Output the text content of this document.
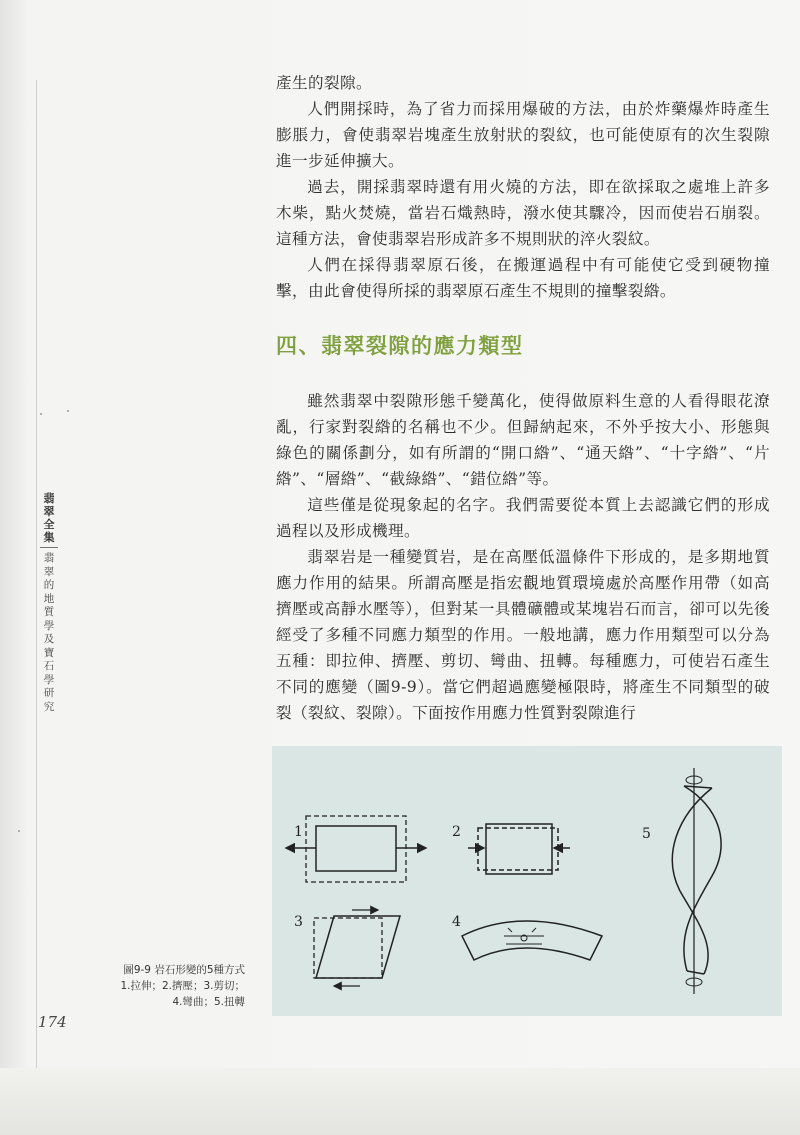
產生的裂隙。

人們開採時，為了省力而採用爆破的方法，由於炸藥爆炸時產生膨脹力，會使翡翠岩塊產生放射狀的裂紋，也可能使原有的次生裂隙進一步延伸擴大。

過去，開採翡翠時還有用火燒的方法，即在欲採取之處堆上許多木柴，點火焚燒，當岩石熾熱時，潑水使其驟冷，因而使岩石崩裂。這種方法，會使翡翠岩形成許多不規則狀的淬火裂紋。

人們在採得翡翠原石後，在搬運過程中有可能使它受到硬物撞擊，由此會使得所採的翡翠原石產生不規則的撞擊裂綹。

四、翡翠裂隙的應力類型

雖然翡翠中裂隙形態千變萬化，使得做原料生意的人看得眼花潦亂，行家對裂綹的名稱也不少。但歸納起來，不外乎按大小、形態與綠色的關係劃分，如有所謂的“開口綹”、“通天綹”、“十字綹”、“片綹”、“層綹”、“截綠綹”、“錯位綹”等。

這些僅是從現象起的名字。我們需要從本質上去認識它們的形成過程以及形成機理。

翡翠岩是一種變質岩，是在高壓低溫條件下形成的，是多期地質應力作用的結果。所謂高壓是指宏觀地質環境處於高壓作用帶（如高擠壓或高靜水壓等），但對某一具體礦體或某塊岩石而言，卻可以先後經受了多種不同應力類型的作用。一般地講，應力作用類型可以分為五種：即拉伸、擠壓、剪切、彎曲、扭轉。每種應力，可使岩石產生不同的應變（圖9-9）。當它們超過應變極限時，將產生不同類型的破裂（裂紋、裂隙）。下面按作用應力性質對裂隙進行

翡翠全集
翡翠的地質學及寶石學研究
1	2
3	4
5
圖9-9 岩石形變的5種方式
1.拉伸；2.擠壓；3.剪切；
4.彎曲；5.扭轉
174
